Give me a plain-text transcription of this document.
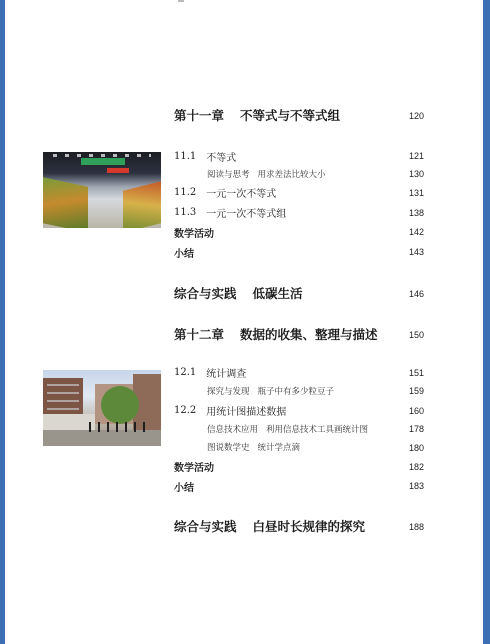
第十一章 不等式与不等式组	120
11.1 不等式	121
阅读与思考 用求差法比较大小	130
11.2 一元一次不等式	131
11.3 一元一次不等式组	138
数学活动	142
小结	143
综合与实践 低碳生活	146
第十二章 数据的收集、整理与描述	150
12.1 统计调查	151
探究与发现 瓶子中有多少粒豆子	159
12.2 用统计图描述数据	160
信息技术应用 利用信息技术工具画统计图	178
图说数学史 统计学点滴	180
数学活动	182
小结	183
综合与实践 白昼时长规律的探究	188
